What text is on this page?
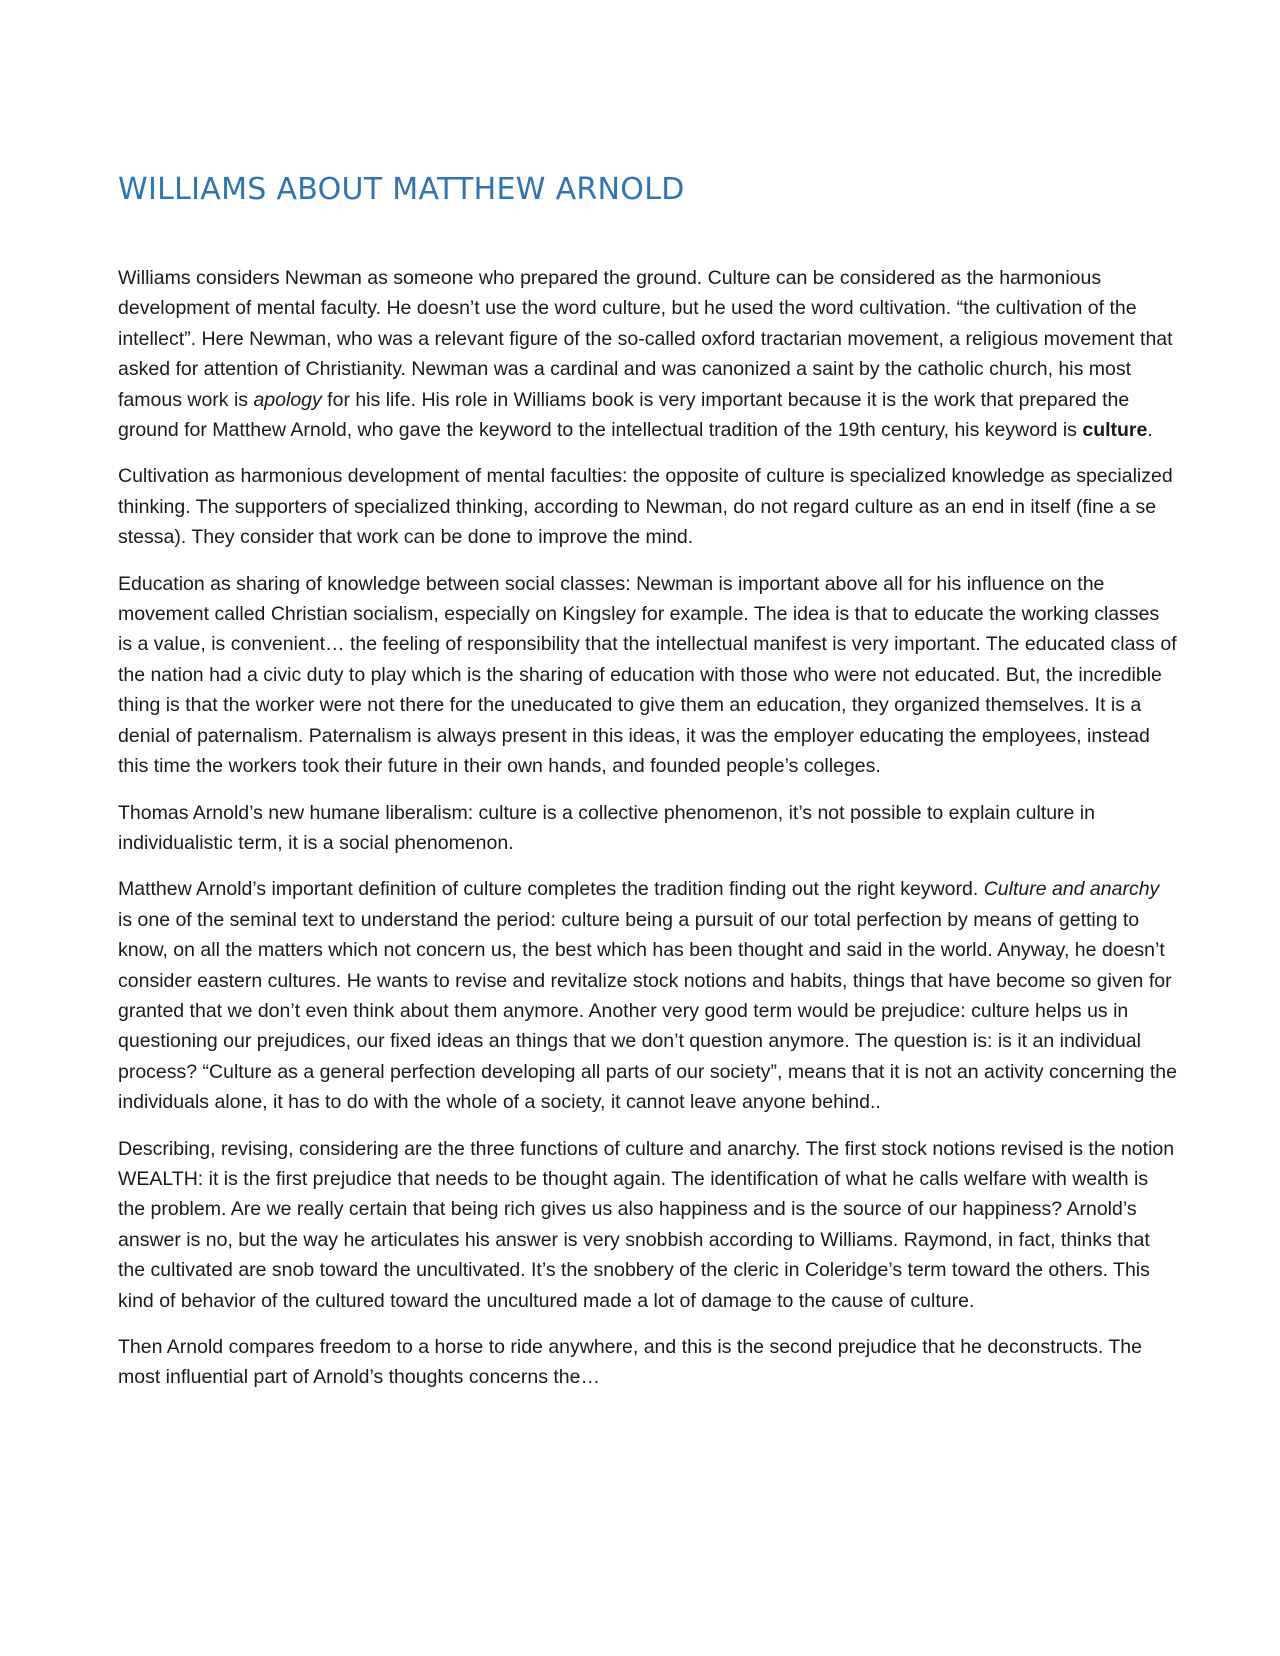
WILLIAMS ABOUT MATTHEW ARNOLD

Williams considers Newman as someone who prepared the ground. Culture can be considered as the harmonious development of mental faculty. He doesn’t use the word culture, but he used the word cultivation. “the cultivation of the intellect”. Here Newman, who was a relevant figure of the so-called oxford tractarian movement, a religious movement that asked for attention of Christianity. Newman was a cardinal and was canonized a saint by the catholic church, his most famous work is apology for his life. His role in Williams book is very important because it is the work that prepared the ground for Matthew Arnold, who gave the keyword to the intellectual tradition of the 19th century, his keyword is culture.

Cultivation as harmonious development of mental faculties: the opposite of culture is specialized knowledge as specialized thinking. The supporters of specialized thinking, according to Newman, do not regard culture as an end in itself (fine a se stessa). They consider that work can be done to improve the mind.

Education as sharing of knowledge between social classes: Newman is important above all for his influence on the movement called Christian socialism, especially on Kingsley for example. The idea is that to educate the working classes is a value, is convenient… the feeling of responsibility that the intellectual manifest is very important. The educated class of the nation had a civic duty to play which is the sharing of education with those who were not educated. But, the incredible thing is that the worker were not there for the uneducated to give them an education, they organized themselves. It is a denial of paternalism. Paternalism is always present in this ideas, it was the employer educating the employees, instead this time the workers took their future in their own hands, and founded people’s colleges.

Thomas Arnold’s new humane liberalism: culture is a collective phenomenon, it’s not possible to explain culture in individualistic term, it is a social phenomenon.

Matthew Arnold’s important definition of culture completes the tradition finding out the right keyword. Culture and anarchy is one of the seminal text to understand the period: culture being a pursuit of our total perfection by means of getting to know, on all the matters which not concern us, the best which has been thought and said in the world. Anyway, he doesn’t consider eastern cultures. He wants to revise and revitalize stock notions and habits, things that have become so given for granted that we don’t even think about them anymore. Another very good term would be prejudice: culture helps us in questioning our prejudices, our fixed ideas an things that we don’t question anymore. The question is: is it an individual process? “Culture as a general perfection developing all parts of our society”, means that it is not an activity concerning the individuals alone, it has to do with the whole of a society, it cannot leave anyone behind..

Describing, revising, considering are the three functions of culture and anarchy. The first stock notions revised is the notion WEALTH: it is the first prejudice that needs to be thought again. The identification of what he calls welfare with wealth is the problem. Are we really certain that being rich gives us also happiness and is the source of our happiness? Arnold’s answer is no, but the way he articulates his answer is very snobbish according to Williams. Raymond, in fact, thinks that the cultivated are snob toward the uncultivated. It’s the snobbery of the cleric in Coleridge’s term toward the others. This kind of behavior of the cultured toward the uncultured made a lot of damage to the cause of culture.

Then Arnold compares freedom to a horse to ride anywhere, and this is the second prejudice that he deconstructs. The most influential part of Arnold’s thoughts concerns the…
